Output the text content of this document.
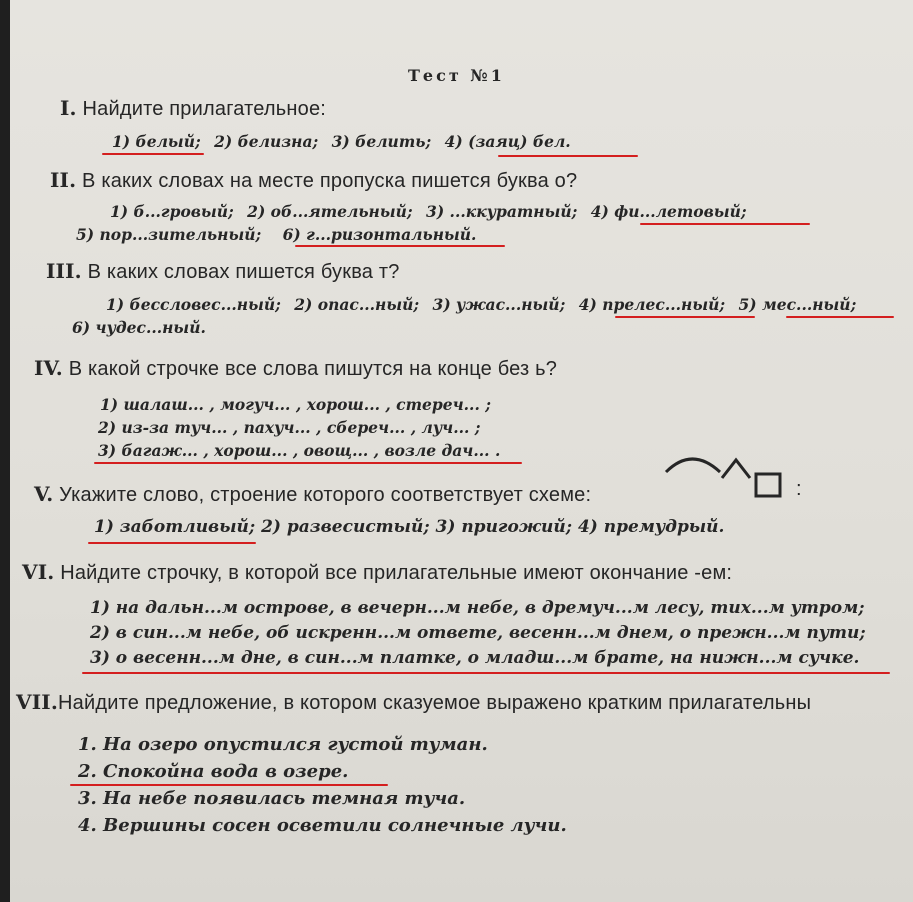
Тест №1
I. Найдите прилагательное:
1) белый; 2) белизна; 3) белить; 4) (заяц) бел.
II. В каких словах на месте пропуска пишется буква о?
1) б...гровый; 2) об...ятельный; 3) ...ккуратный; 4) фи...летовый;
5) пор...зительный; 6) г...ризонтальный.
III. В каких словах пишется буква т?
1) бессловес...ный; 2) опас...ный; 3) ужас...ный; 4) прелес...ный; 5) мес...ный;
6) чудес...ный.
IV. В какой строчке все слова пишутся на конце без ь?
1) шалаш... , могуч... , хорош... , стереч... ;
2) из-за туч... , пахуч... , сбереч... , луч... ;
3) багаж... , хорош... , овощ... , возле дач... .
V. Укажите слово, строение которого соответствует схеме:	:
1) заботливый; 2) развесистый; 3) пригожий; 4) премудрый.
VI. Найдите строчку, в которой все прилагательные имеют окончание -ем:
1) на дальн...м острове, в вечерн...м небе, в дремуч...м лесу, тих...м утром;
2) в син...м небе, об искренн...м ответе, весенн...м днем, о прежн...м пути;
3) о весенн...м дне, в син...м платке, о младш...м брате, на нижн...м сучке.
VII.Найдите предложение, в котором сказуемое выражено кратким прилагательны
1. На озеро опустился густой туман.
2. Спокойна вода в озере.
3. На небе появилась темная туча.
4. Вершины сосен осветили солнечные лучи.
